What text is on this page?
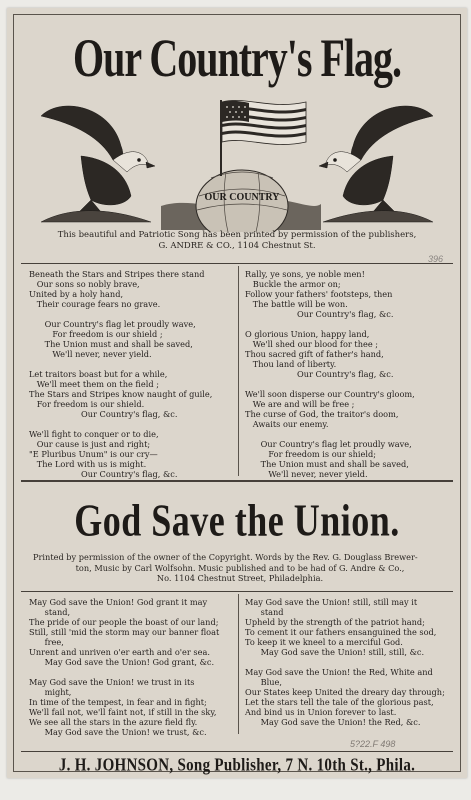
Our Country's Flag.
OUR COUNTRY
This beautiful and Patriotic Song has been printed by permission of the publishers,
G. ANDRE & CO., 1104 Chestnut St.
396
Beneath the Stars and Stripes there stand
Our sons so nobly brave,
United by a holy hand,
Their courage fears no grave.

Our Country's flag let proudly wave,
For freedom is our shield ;
The Union must and shall be saved,
We'll never, never yield.

Let traitors boast but for a while,
We'll meet them on the field ;
The Stars and Stripes know naught of guile,
For freedom is our shield.
Our Country's flag, &c.

We'll fight to conquer or to die,
Our cause is just and right;
"E Pluribus Unum" is our cry—
The Lord with us is might.
Our Country's flag, &c.
Rally, ye sons, ye noble men!
Buckle the armor on;
Follow your fathers' footsteps, then
The battle will be won.
Our Country's flag, &c.

O glorious Union, happy land,
We'll shed our blood for thee ;
Thou sacred gift of father's hand,
Thou land of liberty.
Our Country's flag, &c.

We'll soon disperse our Country's gloom,
We are and will be free ;
The curse of God, the traitor's doom,
Awaits our enemy.

Our Country's flag let proudly wave,
For freedom is our shield;
The Union must and shall be saved,
We'll never, never yield.
God Save the Union.
Printed by permission of the owner of the Copyright. Words by the Rev. G. Douglass Brewer-
ton, Music by Carl Wolfsohn. Music published and to be had of G. Andre & Co.,
No. 1104 Chestnut Street, Philadelphia.
May God save the Union! God grant it may
stand,
The pride of our people the boast of our land;
Still, still 'mid the storm may our banner float
free,
Unrent and unriven o'er earth and o'er sea.
May God save the Union! God grant, &c.

May God save the Union! we trust in its
might,
In time of the tempest, in fear and in fight;
We'll fail not, we'll faint not, if still in the sky,
We see all the stars in the azure field fly.
May God save the Union! we trust, &c.
May God save the Union! still, still may it
stand
Upheld by the strength of the patriot hand;
To cement it our fathers ensanguined the sod,
To keep it we kneel to a merciful God.
May God save the Union! still, still, &c.

May God save the Union! the Red, White and
Blue,
Our States keep United the dreary day through;
Let the stars tell the tale of the glorious past,
And bind us in Union forever to last.
May God save the Union! the Red, &c.
5?22.F 498
J. H. JOHNSON, Song Publisher, 7 N. 10th St., Phila.
